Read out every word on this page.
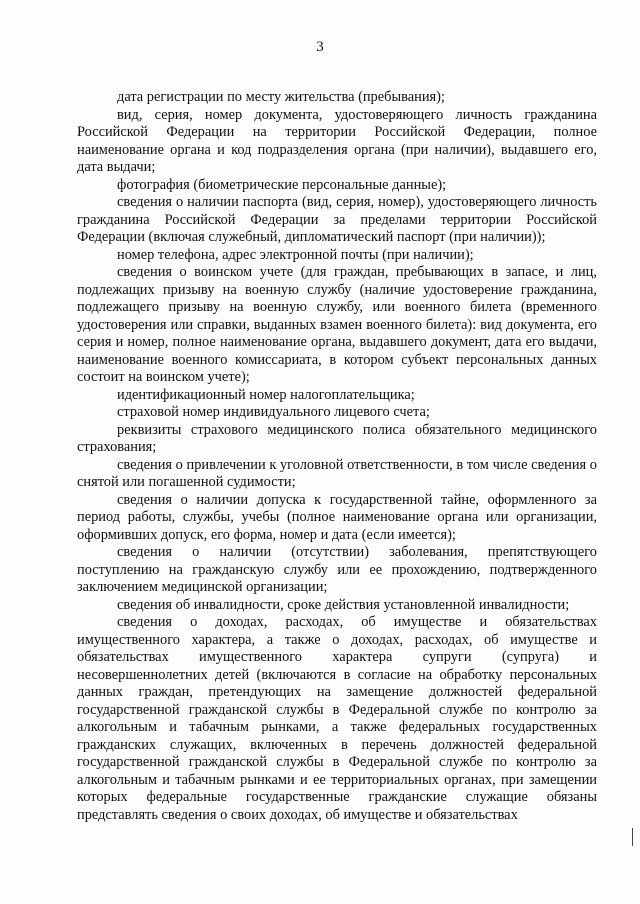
3

дата регистрации по месту жительства (пребывания);

вид, серия, номер документа, удостоверяющего личность гражданина Российской Федерации на территории Российской Федерации, полное наименование органа и код подразделения органа (при наличии), выдавшего его, дата выдачи;

фотография (биометрические персональные данные);

сведения о наличии паспорта (вид, серия, номер), удостоверяющего личность гражданина Российской Федерации за пределами территории Российской Федерации (включая служебный, дипломатический паспорт (при наличии));

номер телефона, адрес электронной почты (при наличии);

сведения о воинском учете (для граждан, пребывающих в запасе, и лиц, подлежащих призыву на военную службу (наличие удостоверение гражданина, подлежащего призыву на военную службу, или военного билета (временного удостоверения или справки, выданных взамен военного билета): вид документа, его серия и номер, полное наименование органа, выдавшего документ, дата его выдачи, наименование военного комиссариата, в котором субъект персональных данных состоит на воинском учете);

идентификационный номер налогоплательщика;

страховой номер индивидуального лицевого счета;

реквизиты страхового медицинского полиса обязательного медицинского страхования;

сведения о привлечении к уголовной ответственности, в том числе сведения о снятой или погашенной судимости;

сведения о наличии допуска к государственной тайне, оформленного за период работы, службы, учебы (полное наименование органа или организации, оформивших допуск, его форма, номер и дата (если имеется);

сведения о наличии (отсутствии) заболевания, препятствующего поступлению на гражданскую службу или ее прохождению, подтвержденного заключением медицинской организации;

сведения об инвалидности, сроке действия установленной инвалидности;

сведения о доходах, расходах, об имуществе и обязательствах имущественного характера, а также о доходах, расходах, об имуществе и обязательствах имущественного характера супруги (супруга) и несовершеннолетних детей (включаются в согласие на обработку персональных данных граждан, претендующих на замещение должностей федеральной государственной гражданской службы в Федеральной службе по контролю за алкогольным и табачным рынками, а также федеральных государственных гражданских служащих, включенных в перечень должностей федеральной государственной гражданской службы в Федеральной службе по контролю за алкогольным и табачным рынками и ее территориальных органах, при замещении которых федеральные государственные гражданские служащие обязаны представлять сведения о своих доходах, об имуществе и обязательствах
